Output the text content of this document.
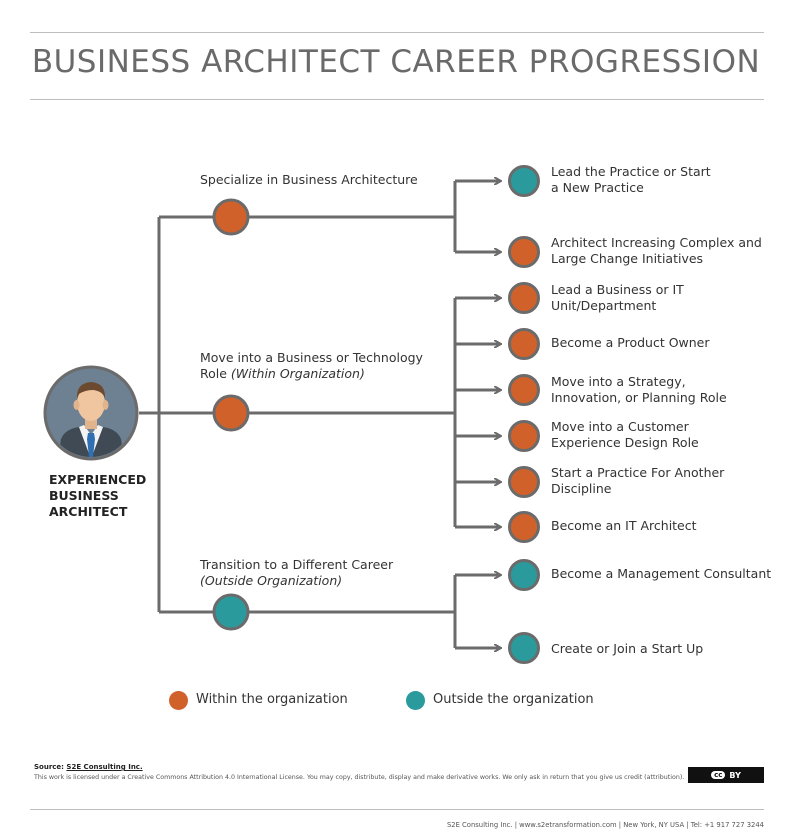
BUSINESS ARCHITECT CAREER PROGRESSION
EXPERIENCED
BUSINESS
ARCHITECT
Specialize in Business Architecture
Move into a Business or Technology
Role (Within Organization)
Transition to a Different Career
(Outside Organization)
Lead the Practice or Start
a New Practice
Architect Increasing Complex and
Large Change Initiatives
Lead a Business or IT
Unit/Department
Become a Product Owner
Move into a Strategy,
Innovation, or Planning Role
Move into a Customer
Experience Design Role
Start a Practice For Another
Discipline
Become an IT Architect
Become a Management Consultant
Create or Join a Start Up
Within the organization	Outside the organization
Source: S2E Consulting Inc.
This work is licensed under a Creative Commons Attribution 4.0 International License. You may copy, distribute, display and make derivative works. We only ask in return that you give us credit (attribution).	cc BY
S2E Consulting Inc. | www.s2etransformation.com | New York, NY USA | Tel: +1 917 727 3244
